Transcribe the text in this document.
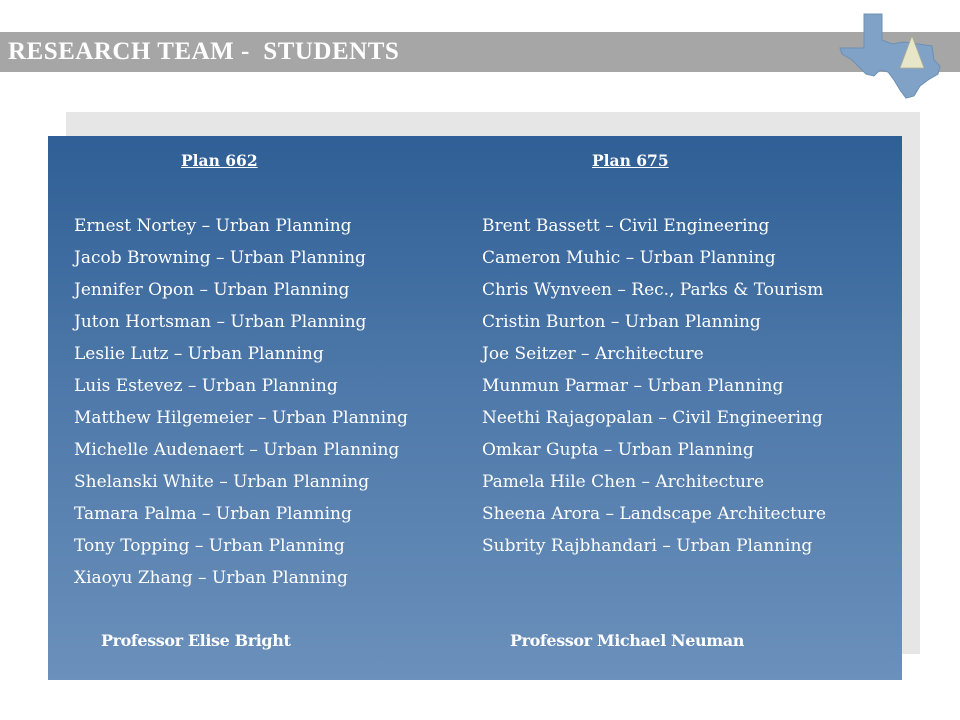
RESEARCH TEAM -  STUDENTS
Plan 662
Ernest Nortey – Urban Planning
Jacob Browning – Urban Planning
Jennifer Opon – Urban Planning
Juton Hortsman – Urban Planning
Leslie Lutz – Urban Planning
Luis Estevez – Urban Planning
Matthew Hilgemeier – Urban Planning
Michelle Audenaert – Urban Planning
Shelanski White – Urban Planning
Tamara Palma – Urban Planning
Tony Topping – Urban Planning
Xiaoyu Zhang – Urban Planning
Professor Elise Bright
Plan 675
Brent Bassett – Civil Engineering
Cameron Muhic – Urban Planning
Chris Wynveen – Rec., Parks & Tourism
Cristin Burton – Urban Planning
Joe Seitzer – Architecture
Munmun Parmar – Urban Planning
Neethi Rajagopalan – Civil Engineering
Omkar Gupta – Urban Planning
Pamela Hile Chen – Architecture
Sheena Arora – Landscape Architecture
Subrity Rajbhandari – Urban Planning
Professor Michael Neuman
